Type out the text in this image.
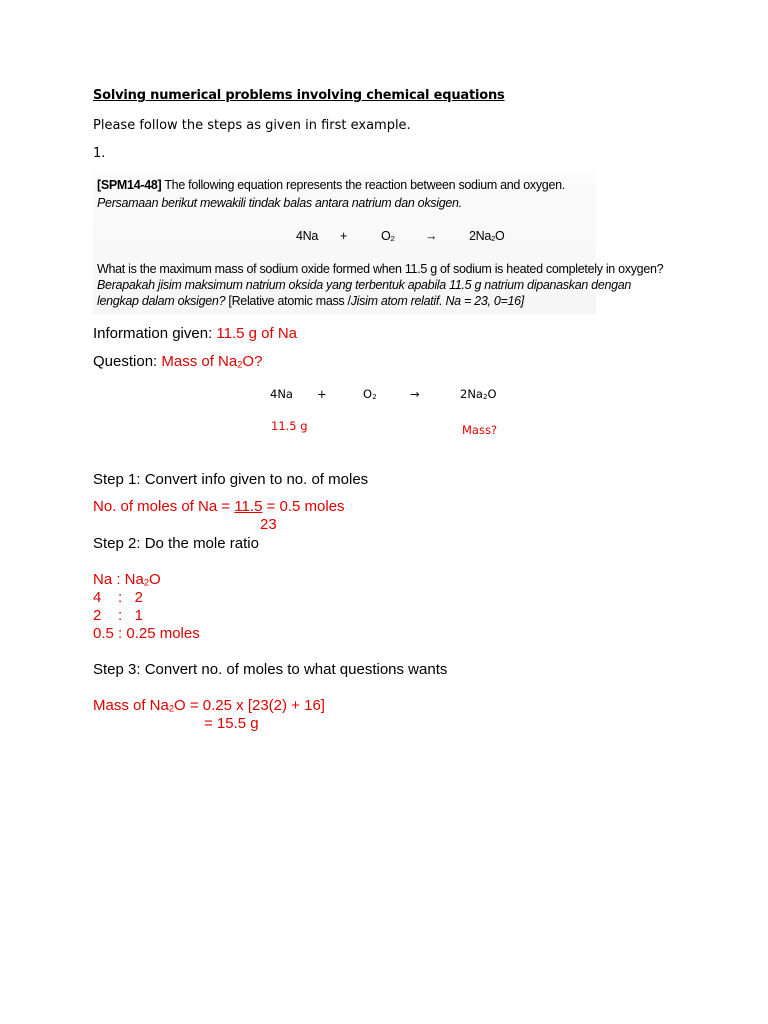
Solving numerical problems involving chemical equations
Please follow the steps as given in first example.
1.
[SPM14-48] The following equation represents the reaction between sodium and oxygen.
Persamaan berikut mewakili tindak balas antara natrium dan oksigen.
4Na +	$O_2$ →	$2Na_2O$
What is the maximum mass of sodium oxide formed when 11.5 g of sodium is heated completely in oxygen?
Berapakah jisim maksimum natrium oksida yang terbentuk apabila 11.5 g natrium dipanaskan dengan
lengkap dalam oksigen? [Relative atomic mass /Jisim atom relatif. Na = 23, 0=16]
Information given: 11.5 g of Na
Question: Mass of $Na_2O$?
4Na +	$O_2$	→	$2Na_2O$
11.5 g	Mass?
Step 1: Convert info given to no. of moles
No. of moles of Na = 11.5 = 0.5 moles
23
Step 2: Do the mole ratio
Na : $Na_2O$
4    :   2
2    :   1
0.5 : 0.25 moles
Step 3: Convert no. of moles to what questions wants
Mass of $Na_2O = 0.25$ x [23(2) + 16]
= 15.5 g
